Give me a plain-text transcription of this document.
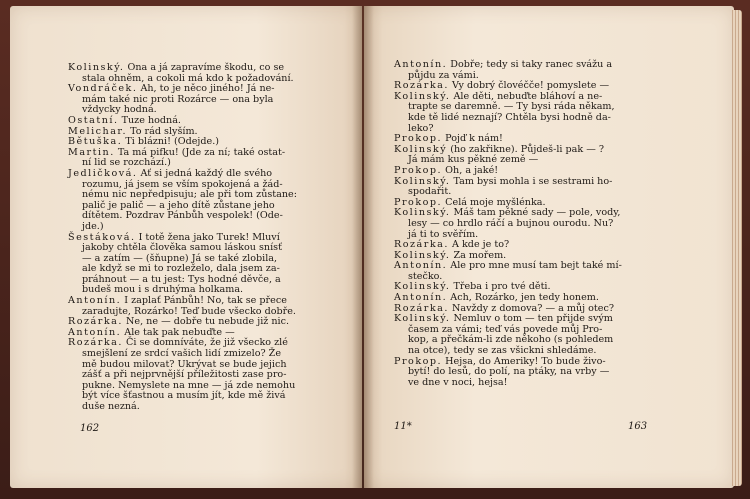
Kolinský. Ona a já zapravíme škodu, co se
stala ohněm, a cokoli má kdo k požadování.

Vondráček. Ah, to je něco jiného! Já ne-
mám také nic proti Rozárce — ona byla
vždycky hodná.

Ostatní. Tuze hodná.

Melichar. To rád slyším.

Bětuška. Ti blázni! (Odejde.)

Martin. Ta má pifku! (Jde za ní; také ostat-
ní lid se rozchází.)

Jedličková. Ať si jedná každý dle svého
rozumu, já jsem se vším spokojená a žád-
nému nic nepředpisuju; ale při tom zůstane:
palič je palič — a jeho dítě zůstane jeho
dítětem. Pozdrav Pánbůh vespolek! (Ode-
jde.)

Šestáková. I totě žena jako Turek! Mluví
jakoby chtěla člověka samou láskou snísť
— a zatím — (šňupne) Já se také zlobila,
ale když se mi to rozleželo, dala jsem za-
práhnout — a tu jest: Tys hodné děvče, a
budeš mou i s druhýma holkama.

Antonín. I zaplať Pánbůh! No, tak se přece
zaradujte, Rozárko! Teď bude všecko dobře.

Rozárka. Ne, ne — dobře tu nebude již nic.

Antonín. Ale tak pak nebuďte —

Rozárka. Či se domníváte, že již všecko zlé
smejšlení ze srdcí vašich lidí zmizelo? Že
mě budou milovat? Ukrývat se bude jejich
zášť a při nejprvnější příležitosti zase pro-
pukne. Nemyslete na mne — já zde nemohu
být více šťastnou a musím jít, kde mě živá
duše nezná.

162

Antonín. Dobře; tedy si taky ranec svážu a
půjdu za vámi.

Rozárka. Vy dobrý človéčče! pomyslete —

Kolinský. Ale děti, nebuďte bláhoví a ne-
trapte se daremně. — Ty bysi ráda někam,
kde tě lidé neznají? Chtěla bysi hodně da-
leko?

Prokop. Pojď k nám!

Kolinský (ho zakřikne). Půjdeš-li pak — ?
Já mám kus pěkné země —

Prokop. Oh, a jaké!

Kolinský. Tam bysi mohla i se sestrami ho-
spodařit.

Prokop. Celá moje myšlénka.

Kolinský. Máš tam pěkné sady — pole, vody,
lesy — co hrdlo ráčí a bujnou ourodu. Nu?
já ti to svěřím.

Rozárka. A kde je to?

Kolinský. Za mořem.

Antonín. Ale pro mne musí tam bejt také mí-
stečko.

Kolinský. Třeba i pro tvé děti.

Antonín. Ach, Rozárko, jen tedy honem.

Rozárka. Navždy z domova? — a můj otec?

Kolinský. Nemluv o tom — ten přijde svým
časem za vámi; teď vás povede můj Pro-
kop, a přečkám-li zde někoho (s pohledem
na otce), tedy se zas všickni shledáme.

Prokop. Hejsa, do Ameriky! To bude živo-
bytí! do lesů, do polí, na ptáky, na vrby —
ve dne v noci, hejsa!

11*	163
